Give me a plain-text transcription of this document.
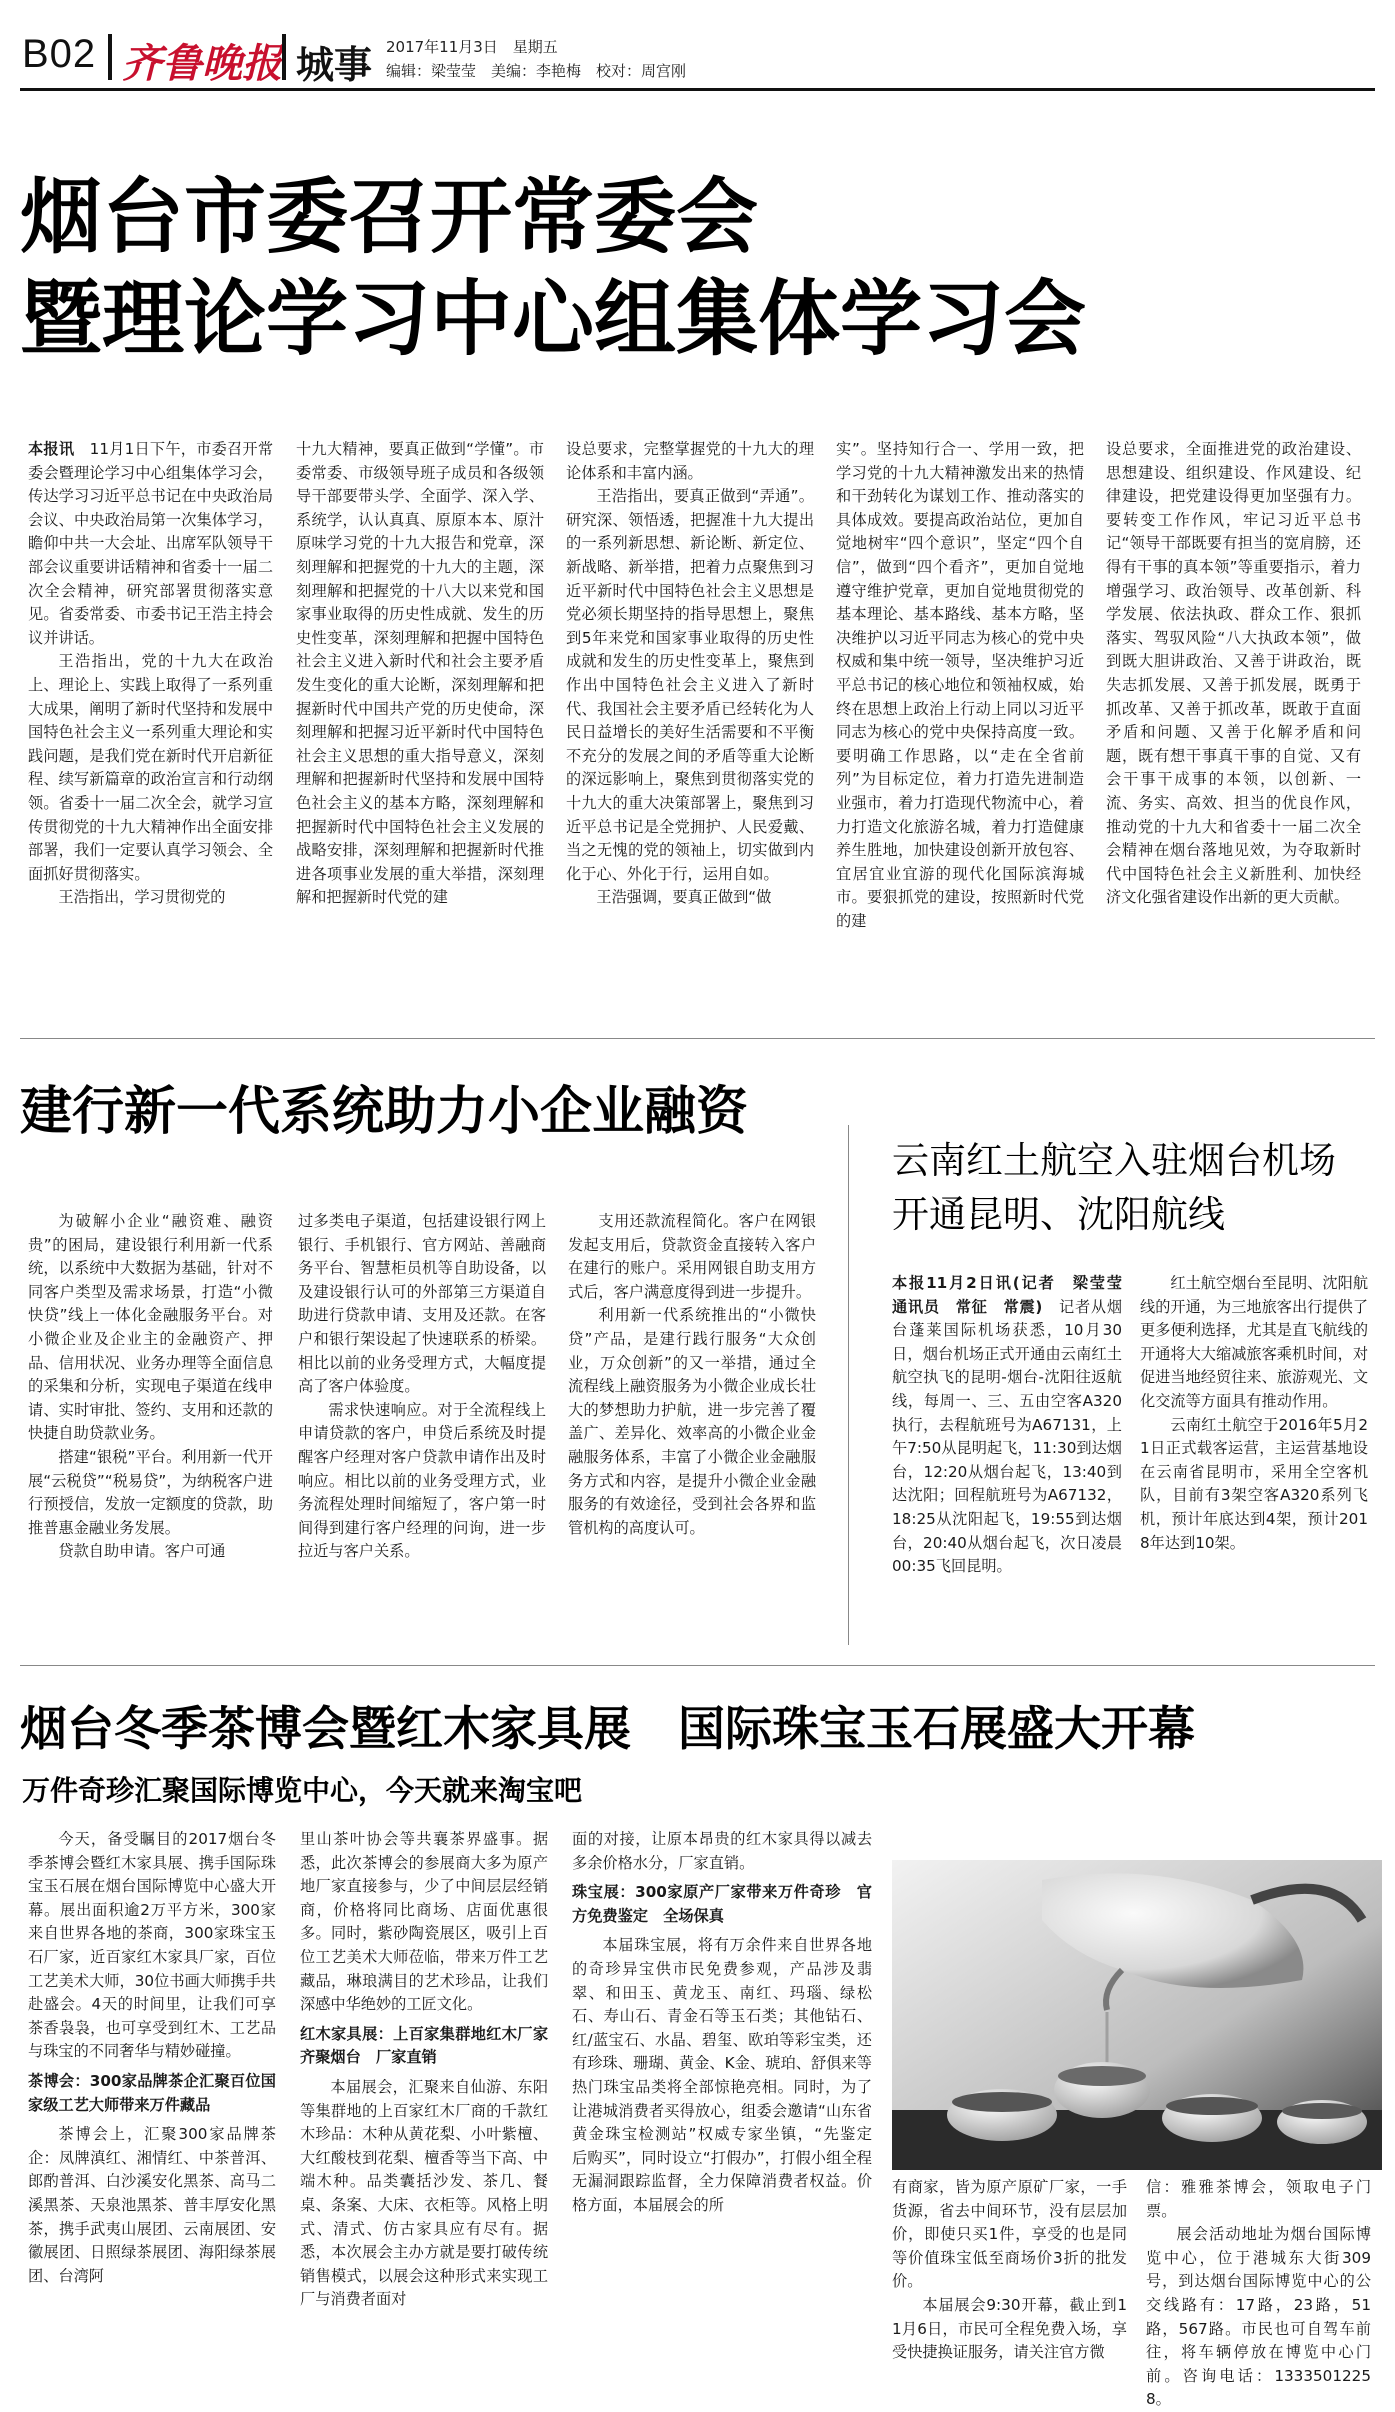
B02 齐鲁晚报 城事 2017年11月3日　星期五
编辑：梁莹莹　美编：李艳梅　校对：周宫刚
烟台市委召开常委会
暨理论学习中心组集体学习会
本报讯　11月1日下午，市委召开常委会暨理论学习中心组集体学习会，传达学习习近平总书记在中央政治局会议、中央政治局第一次集体学习，瞻仰中共一大会址、出席军队领导干部会议重要讲话精神和省委十一届二次全会精神，研究部署贯彻落实意见。省委常委、市委书记王浩主持会议并讲话。

王浩指出，党的十九大在政治上、理论上、实践上取得了一系列重大成果，阐明了新时代坚持和发展中国特色社会主义一系列重大理论和实践问题，是我们党在新时代开启新征程、续写新篇章的政治宣言和行动纲领。省委十一届二次全会，就学习宣传贯彻党的十九大精神作出全面安排部署，我们一定要认真学习领会、全面抓好贯彻落实。

王浩指出，学习贯彻党的

十九大精神，要真正做到“学懂”。市委常委、市级领导班子成员和各级领导干部要带头学、全面学、深入学、系统学，认认真真、原原本本、原汁原味学习党的十九大报告和党章，深刻理解和把握党的十九大的主题，深刻理解和把握党的十八大以来党和国家事业取得的历史性成就、发生的历史性变革，深刻理解和把握中国特色社会主义进入新时代和社会主要矛盾发生变化的重大论断，深刻理解和把握新时代中国共产党的历史使命，深刻理解和把握习近平新时代中国特色社会主义思想的重大指导意义，深刻理解和把握新时代坚持和发展中国特色社会主义的基本方略，深刻理解和把握新时代中国特色社会主义发展的战略安排，深刻理解和把握新时代推进各项事业发展的重大举措，深刻理解和把握新时代党的建
设总要求，完整掌握党的十九大的理论体系和丰富内涵。

王浩指出，要真正做到“弄通”。研究深、领悟透，把握准十九大提出的一系列新思想、新论断、新定位、新战略、新举措，把着力点聚焦到习近平新时代中国特色社会主义思想是党必须长期坚持的指导思想上，聚焦到5年来党和国家事业取得的历史性成就和发生的历史性变革上，聚焦到作出中国特色社会主义进入了新时代、我国社会主要矛盾已经转化为人民日益增长的美好生活需要和不平衡不充分的发展之间的矛盾等重大论断的深远影响上，聚焦到贯彻落实党的十九大的重大决策部署上，聚焦到习近平总书记是全党拥护、人民爱戴、当之无愧的党的领袖上，切实做到内化于心、外化于行，运用自如。

王浩强调，要真正做到“做

实”。坚持知行合一、学用一致，把学习党的十九大精神激发出来的热情和干劲转化为谋划工作、推动落实的具体成效。要提高政治站位，更加自觉地树牢“四个意识”，坚定“四个自信”，做到“四个看齐”，更加自觉地遵守维护党章，更加自觉地贯彻党的基本理论、基本路线、基本方略，坚决维护以习近平同志为核心的党中央权威和集中统一领导，坚决维护习近平总书记的核心地位和领袖权威，始终在思想上政治上行动上同以习近平同志为核心的党中央保持高度一致。要明确工作思路，以“走在全省前列”为目标定位，着力打造先进制造业强市，着力打造现代物流中心，着力打造文化旅游名城，着力打造健康养生胜地，加快建设创新开放包容、宜居宜业宜游的现代化国际滨海城市。要狠抓党的建设，按照新时代党的建
设总要求，全面推进党的政治建设、思想建设、组织建设、作风建设、纪律建设，把党建设得更加坚强有力。要转变工作作风，牢记习近平总书记“领导干部既要有担当的宽肩膀，还得有干事的真本领”等重要指示，着力增强学习、政治领导、改革创新、科学发展、依法执政、群众工作、狠抓落实、驾驭风险“八大执政本领”，做到既大胆讲政治、又善于讲政治，既失志抓发展、又善于抓发展，既勇于抓改革、又善于抓改革，既敢于直面矛盾和问题、又善于化解矛盾和问题，既有想干事真干事的自觉、又有会干事干成事的本领，以创新、一流、务实、高效、担当的优良作风，推动党的十九大和省委十一届二次全会精神在烟台落地见效，为夺取新时代中国特色社会主义新胜利、加快经济文化强省建设作出新的更大贡献。
建行新一代系统助力小企业融资

为破解小企业“融资难、融资贵”的困局，建设银行利用新一代系统，以系统中大数据为基础，针对不同客户类型及需求场景，打造“小微快贷”线上一体化金融服务平台。对小微企业及企业主的金融资产、押品、信用状况、业务办理等全面信息的采集和分析，实现电子渠道在线申请、实时审批、签约、支用和还款的快捷自助贷款业务。

搭建“银税”平台。利用新一代开展“云税贷”“税易贷”，为纳税客户进行预授信，发放一定额度的贷款，助推普惠金融业务发展。

贷款自助申请。客户可通

过多类电子渠道，包括建设银行网上银行、手机银行、官方网站、善融商务平台、智慧柜员机等自助设备，以及建设银行认可的外部第三方渠道自助进行贷款申请、支用及还款。在客户和银行架设起了快速联系的桥梁。相比以前的业务受理方式，大幅度提高了客户体验度。

需求快速响应。对于全流程线上申请贷款的客户，申贷后系统及时提醒客户经理对客户贷款申请作出及时响应。相比以前的业务受理方式，业务流程处理时间缩短了，客户第一时间得到建行客户经理的问询，进一步拉近与客户关系。

支用还款流程简化。客户在网银发起支用后，贷款资金直接转入客户在建行的账户。采用网银自助支用方式后，客户满意度得到进一步提升。

利用新一代系统推出的“小微快贷”产品，是建行践行服务“大众创业，万众创新”的又一举措，通过全流程线上融资服务为小微企业成长壮大的梦想助力护航，进一步完善了覆盖广、差异化、效率高的小微企业金融服务体系，丰富了小微企业金融服务方式和内容，是提升小微企业金融服务的有效途径，受到社会各界和监管机构的高度认可。

云南红土航空入驻烟台机场
开通昆明、沈阳航线
本报11月2日讯(记者　梁莹莹　通讯员　常征　常震)　记者从烟台蓬莱国际机场获悉，10月30日，烟台机场正式开通由云南红土航空执飞的昆明-烟台-沈阳往返航线，每周一、三、五由空客A320执行，去程航班号为A67131，上午7:50从昆明起飞，11:30到达烟台，12:20从烟台起飞，13:40到达沈阳；回程航班号为A67132，18:25从沈阳起飞，19:55到达烟台，20:40从烟台起飞，次日凌晨00:35飞回昆明。

红土航空烟台至昆明、沈阳航线的开通，为三地旅客出行提供了更多便利选择，尤其是直飞航线的开通将大大缩减旅客乘机时间，对促进当地经贸往来、旅游观光、文化交流等方面具有推动作用。

云南红土航空于2016年5月21日正式载客运营，主运营基地设在云南省昆明市，采用全空客机队，目前有3架空客A320系列飞机，预计年底达到4架，预计2018年达到10架。

烟台冬季茶博会暨红木家具展　国际珠宝玉石展盛大开幕
万件奇珍汇聚国际博览中心，今天就来淘宝吧

今天，备受瞩目的2017烟台冬季茶博会暨红木家具展、携手国际珠宝玉石展在烟台国际博览中心盛大开幕。展出面积逾2万平方米，300家来自世界各地的茶商，300家珠宝玉石厂家，近百家红木家具厂家，百位工艺美术大师，30位书画大师携手共赴盛会。4天的时间里，让我们可享茶香袅袅，也可享受到红木、工艺品与珠宝的不同奢华与精妙碰撞。

茶博会：300家品牌茶企汇聚百位国家级工艺大师带来万件藏品

茶博会上，汇聚300家品牌茶企：凤牌滇红、湘情红、中茶普洱、郎酌普洱、白沙溪安化黑茶、高马二溪黑茶、天泉池黑茶、普丰厚安化黑茶，携手武夷山展团、云南展团、安徽展团、日照绿茶展团、海阳绿茶展团、台湾阿

里山茶叶协会等共襄茶界盛事。据悉，此次茶博会的参展商大多为原产地厂家直接参与，少了中间层层经销商，价格将同比商场、店面优惠很多。同时，紫砂陶瓷展区，吸引上百位工艺美术大师莅临，带来万件工艺藏品，琳琅满目的艺术珍品，让我们深感中华绝妙的工匠文化。

红木家具展：上百家集群地红木厂家齐聚烟台　厂家直销

本届展会，汇聚来自仙游、东阳等集群地的上百家红木厂商的千款红木珍品：木种从黄花梨、小叶紫檀、大红酸枝到花梨、檀香等当下高、中端木种。品类囊括沙发、茶几、餐桌、条案、大床、衣柜等。风格上明式、清式、仿古家具应有尽有。据悉，本次展会主办方就是要打破传统销售模式，以展会这种形式来实现工厂与消费者面对

面的对接，让原本昂贵的红木家具得以减去多余价格水分，厂家直销。

珠宝展：300家原产厂家带来万件奇珍　官方免费鉴定　全场保真

本届珠宝展，将有万余件来自世界各地的奇珍异宝供市民免费参观，产品涉及翡翠、和田玉、黄龙玉、南红、玛瑙、绿松石、寿山石、青金石等玉石类；其他钻石、红/蓝宝石、水晶、碧玺、欧珀等彩宝类，还有珍珠、珊瑚、黄金、K金、琥珀、舒俱来等热门珠宝品类将全部惊艳亮相。同时，为了让港城消费者买得放心，组委会邀请“山东省黄金珠宝检测站”权威专家坐镇，“先鉴定　后购买”，同时设立“打假办”，打假小组全程无漏洞跟踪监督，全力保障消费者权益。价格方面，本届展会的所

有商家，皆为原产原矿厂家，一手货源，省去中间环节，没有层层加价，即使只买1件，享受的也是同等价值珠宝低至商场价3折的批发价。

本届展会9:30开幕，截止到11月6日，市民可全程免费入场，享受快捷换证服务，请关注官方微

信：雅雅茶博会，领取电子门票。

展会活动地址为烟台国际博览中心，位于港城东大街309号，到达烟台国际博览中心的公交线路有：17路，23路，51路，567路。市民也可自驾车前往，将车辆停放在博览中心门前。咨询电话：13335012258。
